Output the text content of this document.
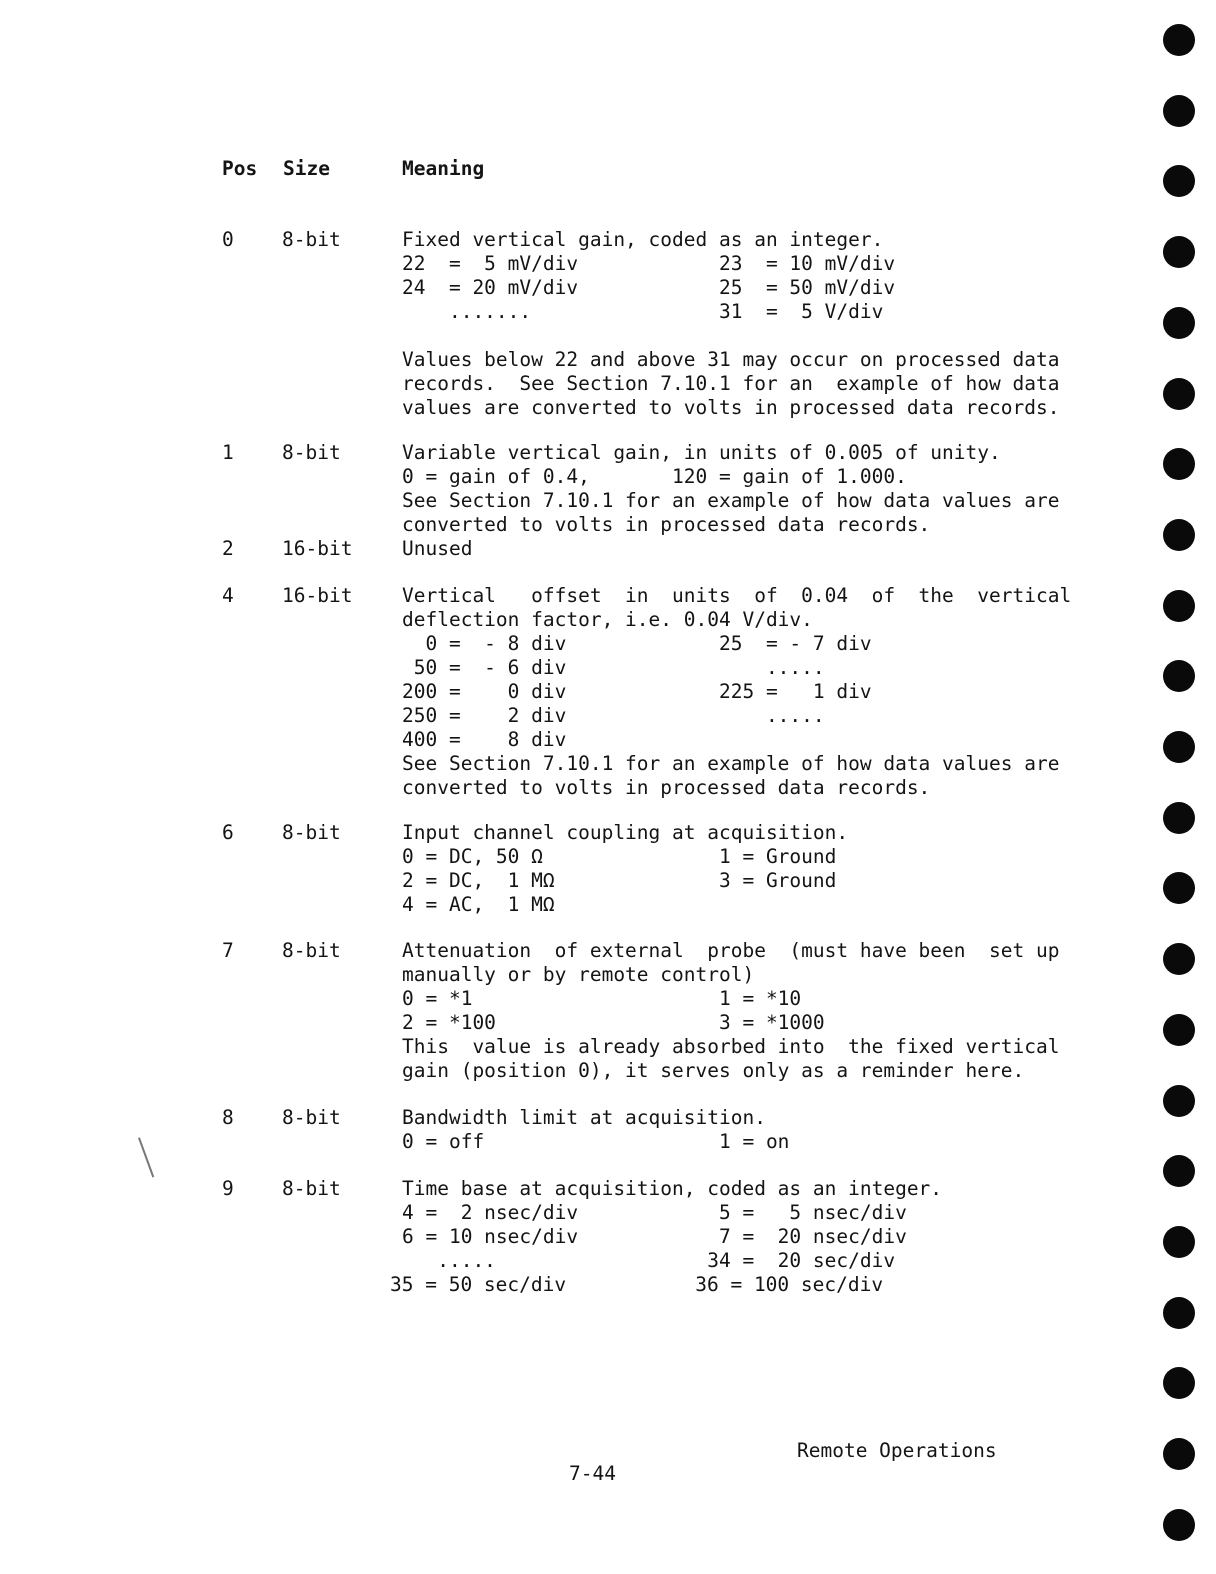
Pos Size	Meaning
0 8-bit	Fixed vertical gain, coded as an integer.
22  =  5 mV/div            23  = 10 mV/div
24  = 20 mV/div            25  = 50 mV/div
.......                31  =  5 V/div
Values below 22 and above 31 may occur on processed data
records.  See Section 7.10.1 for an  example of how data
values are converted to volts in processed data records.
1 8-bit	Variable vertical gain, in units of 0.005 of unity.
0 = gain of 0.4,       120 = gain of 1.000.
See Section 7.10.1 for an example of how data values are
converted to volts in processed data records.
2 16-bit	Unused
4 16-bit	Vertical   offset  in  units  of  0.04  of  the  vertical
deflection factor, i.e. 0.04 V/div.
0 =  - 8 div             25  = - 7 div
50 =  - 6 div                 .....
200 =    0 div             225 =   1 div
250 =    2 div                 .....
400 =    8 div
See Section 7.10.1 for an example of how data values are
converted to volts in processed data records.
6 8-bit	Input channel coupling at acquisition.
0 = DC, 50 Ω               1 = Ground
2 = DC,  1 MΩ              3 = Ground
4 = AC,  1 MΩ
7 8-bit	Attenuation  of external  probe  (must have been  set up
manually or by remote control)
0 = *1                     1 = *10
2 = *100                   3 = *1000
This  value is already absorbed into  the fixed vertical
gain (position 0), it serves only as a reminder here.
8 8-bit	Bandwidth limit at acquisition.
0 = off                    1 = on
9 8-bit	Time base at acquisition, coded as an integer.
4 =  2 nsec/div            5 =   5 nsec/div
6 = 10 nsec/div            7 =  20 nsec/div
.....                  34 =  20 sec/div
35 = 50 sec/div           36 = 100 sec/div
Remote Operations
7-44
